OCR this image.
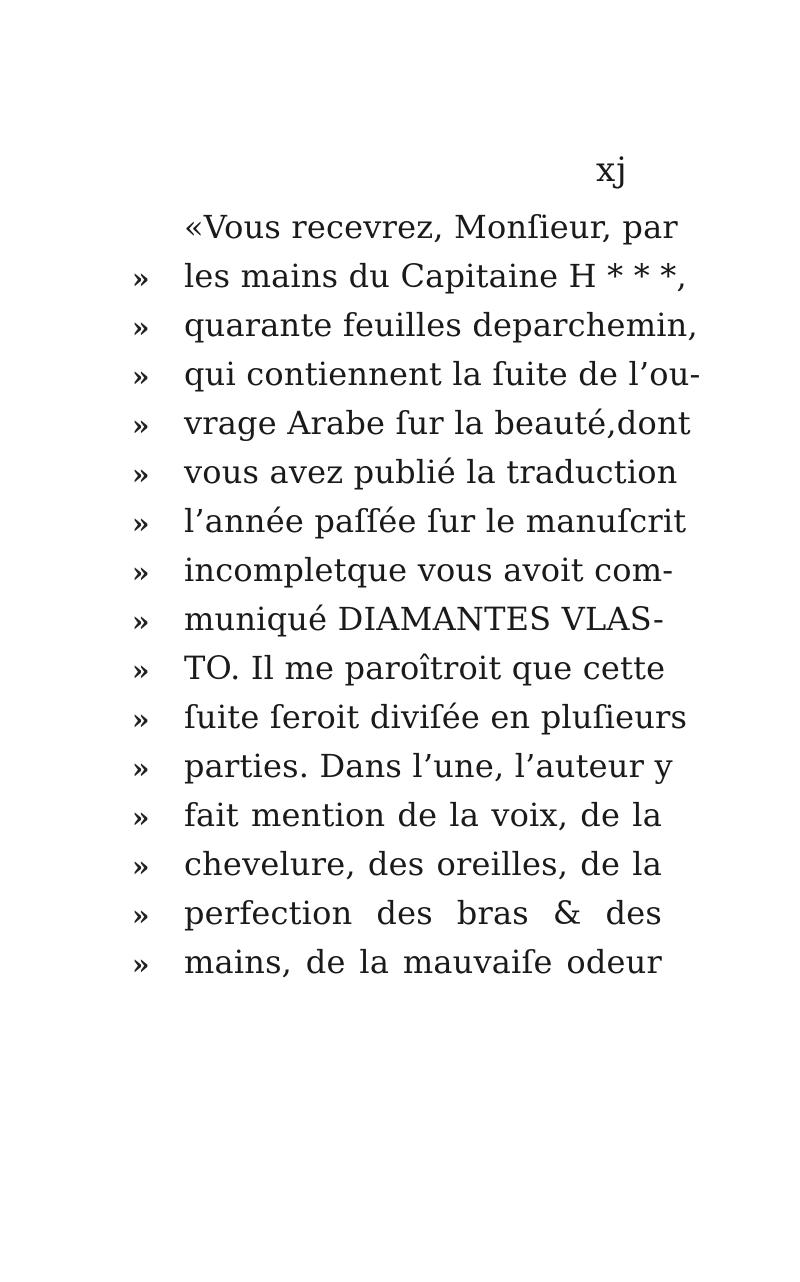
xj
«Vous recevrez, Monſieur, par
»	les mains du Capitaine H * * *,
»	quarante feuilles deparchemin,
»	qui contiennent la ſuite de l’ou-
»	vrage Arabe ſur la beauté,dont
»	vous avez publié la traduction
»	l’année paſſée ſur le manuſcrit
»	incompletque vous avoit com-
»	muniqué DIAMANTES VLAS-
»	TO. Il me paroîtroit que cette
»	ſuite ſeroit diviſée en pluſieurs
»	parties. Dans l’une, l’auteur y
»	fait mention de la voix, de la
»	chevelure, des oreilles, de la
»	perfection des bras & des
»	mains, de la mauvaiſe odeur
